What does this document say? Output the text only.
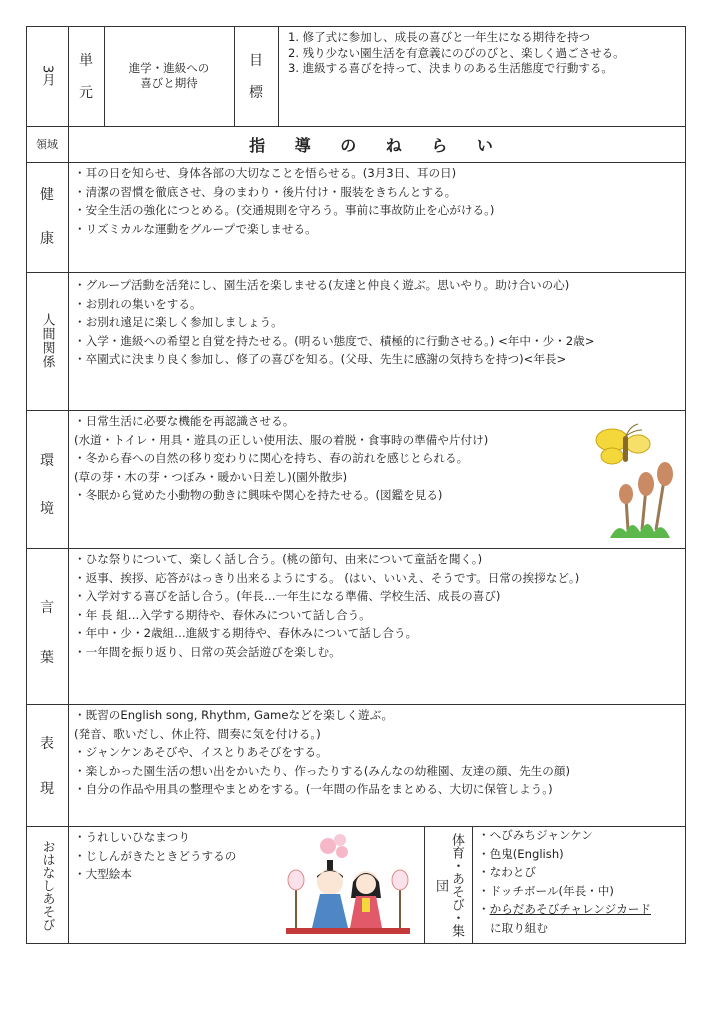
3月
単
元
進学・進級への
喜びと期待
目
標
1. 修了式に参加し、成長の喜びと一年生になる期待を持つ
2. 残り少ない園生活を有意義にのびのびと、楽しく過ごさせる。
3. 進級する喜びを持って、決まりのある生活態度で行動する。
領域	指 導 の ね ら い
健
康
・耳の日を知らせ、身体各部の大切なことを悟らせる。(3月3日、耳の日)
・清潔の習慣を徹底させ、身のまわり・後片付け・服装をきちんとする。
・安全生活の強化につとめる。(交通規則を守ろう。事前に事故防止を心がける。)
・リズミカルな運動をグループで楽しませる。
人間関係
・グループ活動を活発にし、園生活を楽しませる(友達と仲良く遊ぶ。思いやり。助け合いの心)
・お別れの集いをする。
・お別れ遠足に楽しく参加しましょう。
・入学・進級への希望と自覚を持たせる。(明るい態度で、積極的に行動させる。) <年中・少・2歳>
・卒園式に決まり良く参加し、修了の喜びを知る。(父母、先生に感謝の気持ちを持つ)<年長>
環
境
・日常生活に必要な機能を再認識させる。
(水道・トイレ・用具・遊具の正しい使用法、服の着脱・食事時の準備や片付け)
・冬から春への自然の移り変わりに関心を持ち、春の訪れを感じとられる。
(草の芽・木の芽・つぼみ・暖かい日差し)(園外散歩)
・冬眠から覚めた小動物の動きに興味や関心を持たせる。(図鑑を見る)
言
葉
・ひな祭りについて、楽しく話し合う。(桃の節句、由来について童話を聞く。)
・返事、挨拶、応答がはっきり出来るようにする。 (はい、いいえ、そうです。日常の挨拶など。)
・入学対する喜びを話し合う。(年長…一年生になる準備、学校生活、成長の喜び)
・年 長 組…入学する期待や、春休みについて話し合う。
・年中・少・2歳組…進級する期待や、春休みについて話し合う。
・一年間を振り返り、日常の英会話遊びを楽しむ。
表
現
・既習のEnglish song, Rhythm, Gameなどを楽しく遊ぶ。
(発音、歌いだし、休止符、間奏に気を付ける。)
・ジャンケンあそびや、イスとりあそびをする。
・楽しかった園生活の想い出をかいたり、作ったりする(みんなの幼稚園、友達の顔、先生の顔)
・自分の作品や用具の整理やまとめをする。(一年間の作品をまとめる、大切に保管しよう。)
おはなしあそび
・うれしいひなまつり
・じしんがきたときどうするの
・大型絵本	体育・あそび・集団
・へびみちジャンケン
・色鬼(English)
・なわとび
・ドッチボール(年長・中)
・からだあそびチャレンジカード
に取り組む
